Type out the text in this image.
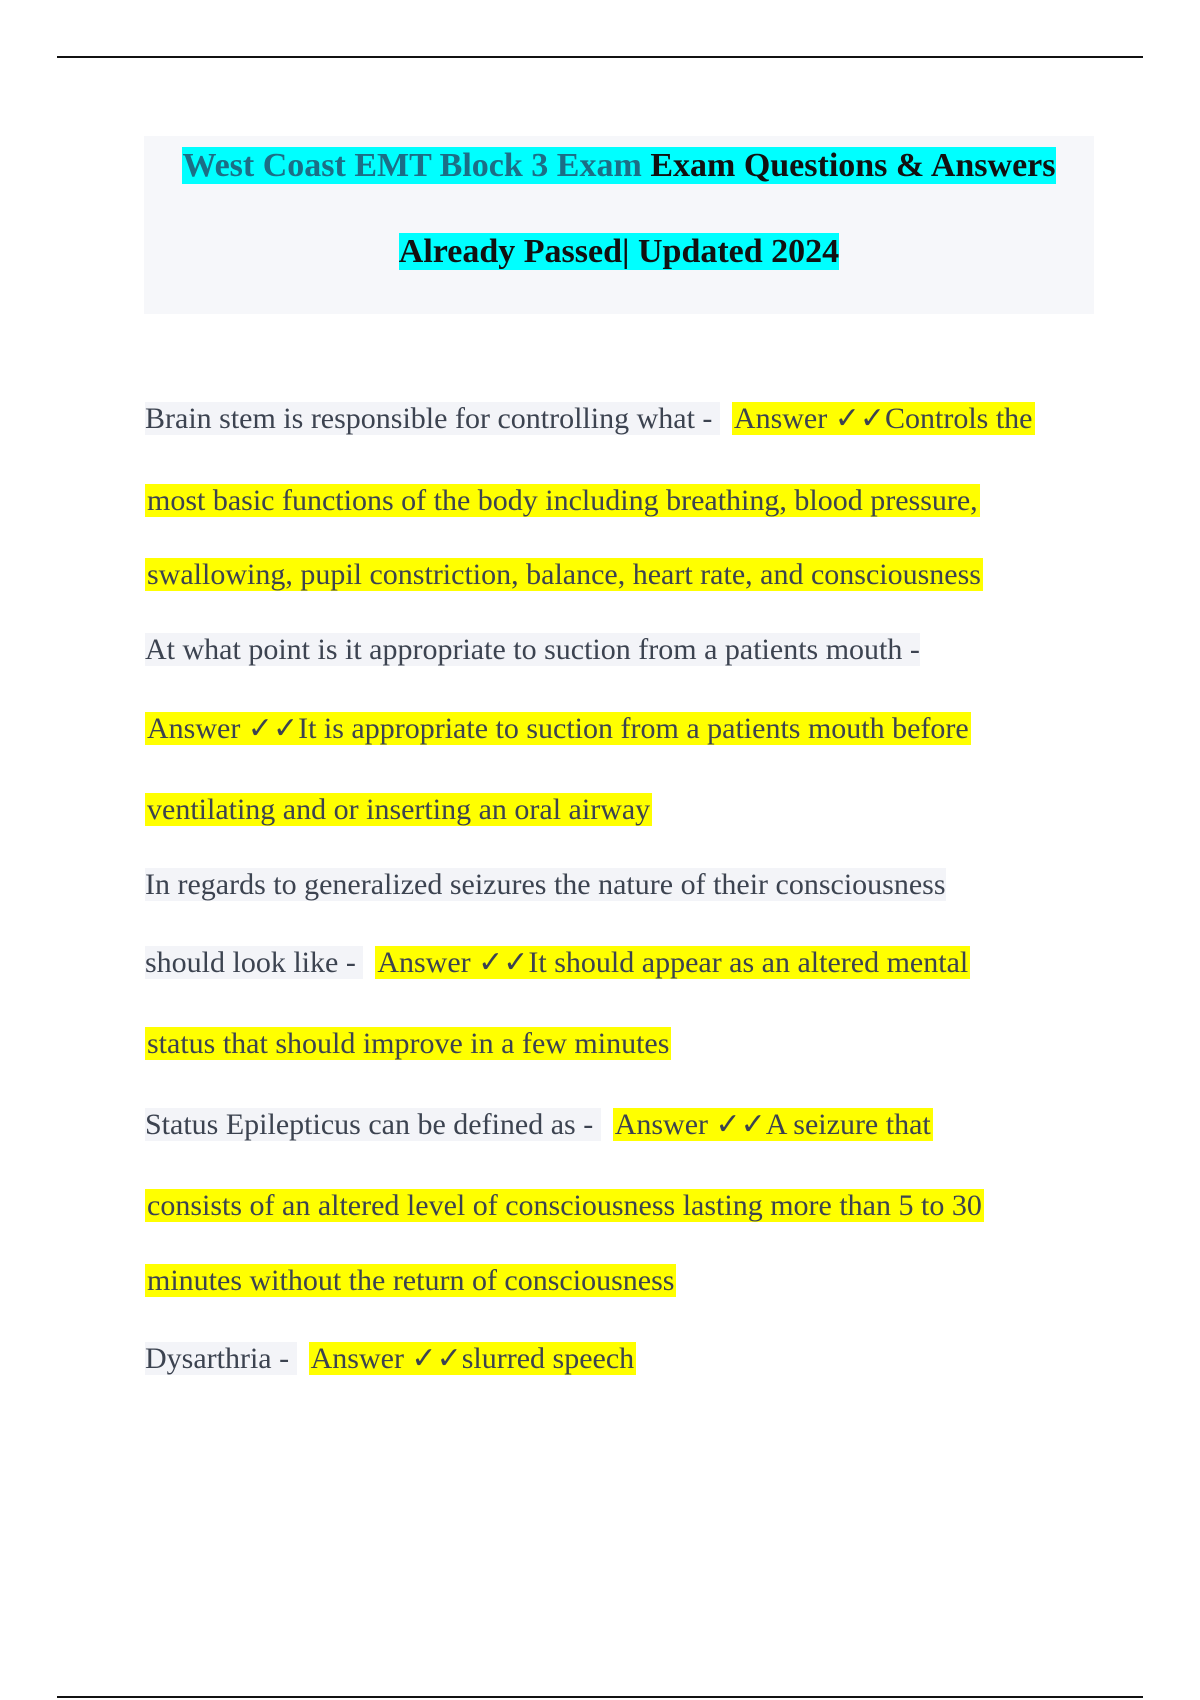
West Coast EMT Block 3 Exam Exam Questions & Answers
Already Passed| Updated 2024
Brain stem is responsible for controlling what - Answer ✓✓Controls the
most basic functions of the body including breathing, blood pressure,
swallowing, pupil constriction, balance, heart rate, and consciousness
At what point is it appropriate to suction from a patients mouth -
Answer ✓✓It is appropriate to suction from a patients mouth before
ventilating and or inserting an oral airway
In regards to generalized seizures the nature of their consciousness
should look like - Answer ✓✓It should appear as an altered mental
status that should improve in a few minutes
Status Epilepticus can be defined as - Answer ✓✓A seizure that
consists of an altered level of consciousness lasting more than 5 to 30
minutes without the return of consciousness
Dysarthria - Answer ✓✓slurred speech
